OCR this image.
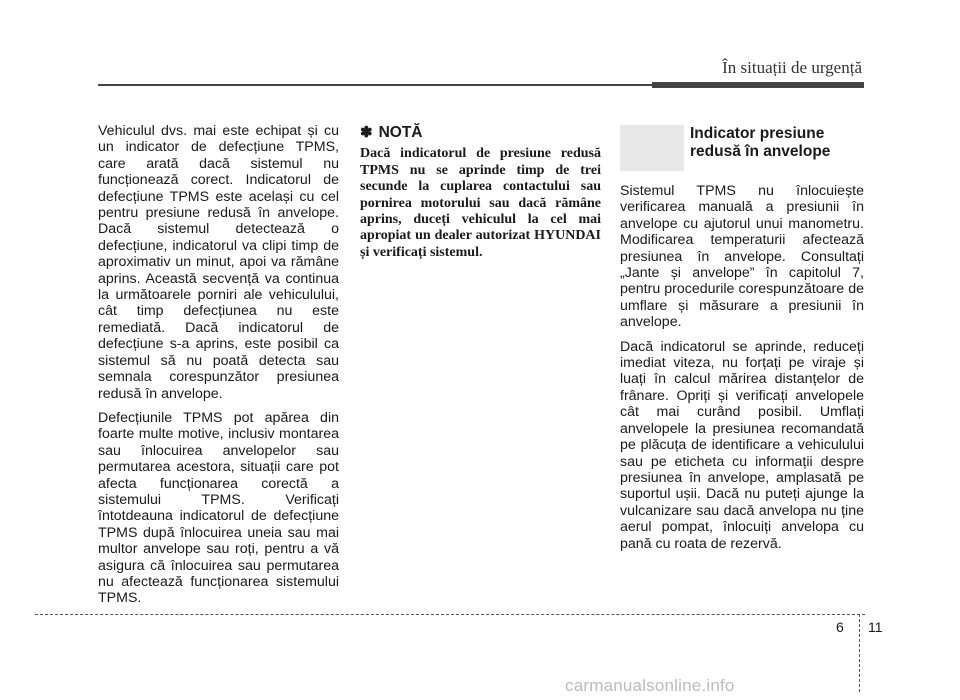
În situații de urgență

Vehiculul dvs. mai este echipat și cu un indicator de defecțiune TPMS, care arată dacă sistemul nu funcționează corect. Indicatorul de defecțiune TPMS este același cu cel pentru presiune redusă în anvelope. Dacă sistemul detectează o defecțiune, indicatorul va clipi timp de aproximativ un minut, apoi va rămâne aprins. Această secvență va continua la următoarele porniri ale vehiculului, cât timp defecțiunea nu este remediată. Dacă indicatorul de defecțiune s-a aprins, este posibil ca sistemul să nu poată detecta sau semnala corespunzător presiunea redusă în anvelope.

Defecțiunile TPMS pot apărea din foarte multe motive, inclusiv montarea sau înlocuirea anvelopelor sau permutarea acestora, situații care pot afecta funcționarea corectă a sistemului TPMS. Verificați întotdeauna indicatorul de defecțiune TPMS după înlocuirea uneia sau mai multor anvelope sau roți, pentru a vă asigura că înlocuirea sau permutarea nu afectează funcționarea sistemului TPMS.

✽ NOTĂ
Dacă indicatorul de presiune redusă TPMS nu se aprinde timp de trei secunde la cuplarea contactului sau pornirea motorului sau dacă rămâne aprins, duceți vehiculul la cel mai apropiat un dealer autorizat HYUNDAI și verificați sistemul.
Indicator presiune redusă în anvelope

Sistemul TPMS nu înlocuiește verificarea manuală a presiunii în anvelope cu ajutorul unui manometru. Modificarea temperaturii afectează presiunea în anvelope. Consultați „Jante și anvelope” în capitolul 7, pentru procedurile corespunzătoare de umflare și măsurare a presiunii în anvelope.

Dacă indicatorul se aprinde, reduceți imediat viteza, nu forțați pe viraje și luați în calcul mărirea distanțelor de frânare. Opriți și verificați anvelopele cât mai curând posibil. Umflați anvelopele la presiunea recomandată pe plăcuța de identificare a vehiculului sau pe eticheta cu informații despre presiunea în anvelope, amplasată pe suportul ușii. Dacă nu puteți ajunge la vulcanizare sau dacă anvelopa nu ține aerul pompat, înlocuiți anvelopa cu pană cu roata de rezervă.

6 11
carmanualsonline.info
